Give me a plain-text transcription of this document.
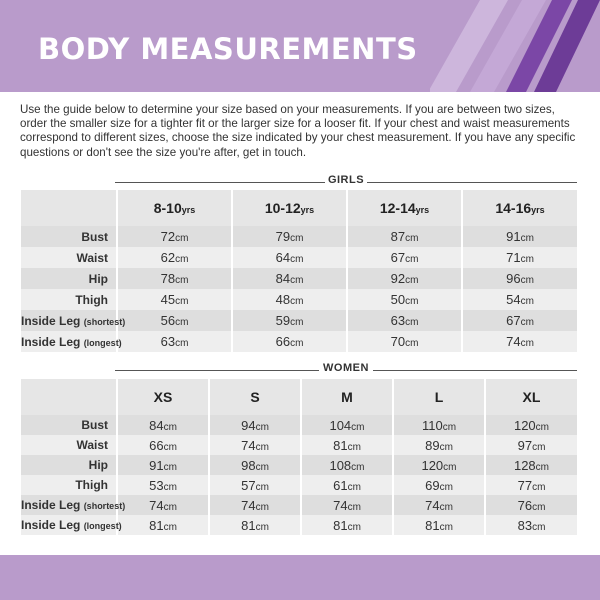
BODY MEASUREMENTS
Use the guide below to determine your size based on your measurements. If you are between two sizes, order the smaller size for a tighter fit or the larger size for a looser fit. If your chest and waist measurements correspond to different sizes, choose the size indicated by your chest measurement. If you have any specific questions or don't see the size you're after, get in touch.
GIRLS
	8-10yrs	10-12yrs	12-14yrs	14-16yrs
Bust	72cm	79cm	87cm	91cm
Waist	62cm	64cm	67cm	71cm
Hip	78cm	84cm	92cm	96cm
Thigh	45cm	48cm	50cm	54cm
Inside Leg (shortest)	56cm	59cm	63cm	67cm
Inside Leg (longest)	63cm	66cm	70cm	74cm
WOMEN
	XS	S	M	L	XL
Bust	84cm	94cm	104cm	110cm	120cm
Waist	66cm	74cm	81cm	89cm	97cm
Hip	91cm	98cm	108cm	120cm	128cm
Thigh	53cm	57cm	61cm	69cm	77cm
Inside Leg (shortest)	74cm	74cm	74cm	74cm	76cm
Inside Leg (longest)	81cm	81cm	81cm	81cm	83cm
